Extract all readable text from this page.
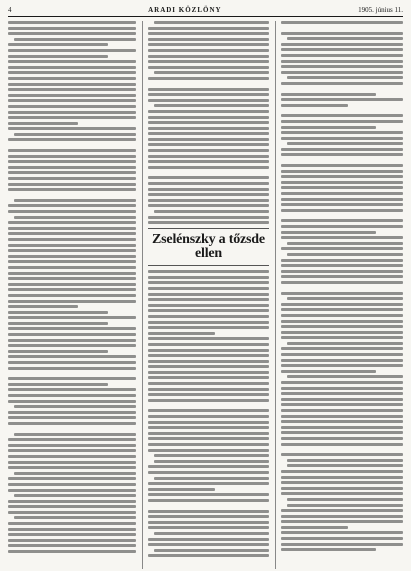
4	ARADI KÖZLÖNY	1905. június 11.
Zselénszky a tőzsde ellen
